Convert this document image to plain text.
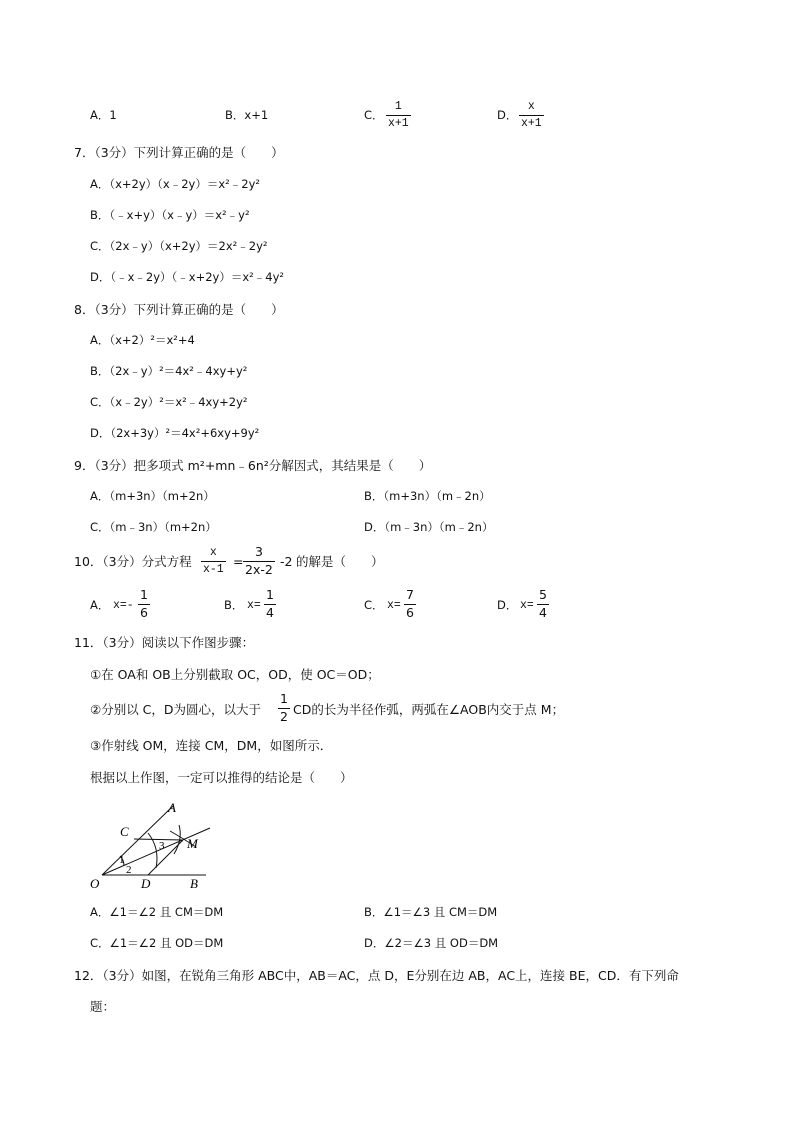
A．1	B．x+1	C． $\frac{1}{x+1}$	D． $\frac{x}{x+1}$
7．（3分）下列计算正确的是（　　）
A．（x+2y）（x﹣2y）＝x²﹣2y²
B．（﹣x+y）（x﹣y）＝x²﹣y²
C．（2x﹣y）（x+2y）＝2x²﹣2y²
D．（﹣x﹣2y）（﹣x+2y）＝x²﹣4y²
8．（3分）下列计算正确的是（　　）
A．（x+2）²＝x²+4
B．（2x﹣y）²＝4x²﹣4xy+y²
C．（x﹣2y）²＝x²﹣4xy+2y²
D．（2x+3y）²＝4x²+6xy+9y²
9．（3分）把多项式 m²+mn﹣6n²分解因式，其结果是（　　）
A．（m+3n）（m+2n）	B．（m+3n）（m﹣2n）
C．（m﹣3n）（m+2n）	D．（m﹣3n）（m﹣2n）
10．（3分）分式方程 $\frac{x}{x-1} = \frac{3}{2x-2} -2$ 的解是（　　）
A． $x=- \frac{1}{6}$	B． $x= \frac{1}{4}$	C． $x= \frac{7}{6}$	D． $x= \frac{5}{4}$
11．（3分）阅读以下作图步骤：
①在 OA和 OB上分别截取 OC，OD，使 OC＝OD；
②分别以 C，D为圆心，以大于 $\frac{1}{2}$ CD的长为半径作弧，两弧在∠AOB内交于点 M；
③作射线 OM，连接 CM，DM，如图所示．
根据以上作图，一定可以推得的结论是（　　）
A
C
M
O	D	B
1
2
3
A．∠1＝∠2 且 CM＝DM	B．∠1＝∠3 且 CM＝DM
C．∠1＝∠2 且 OD＝DM	D．∠2＝∠3 且 OD＝DM
12．（3分）如图，在锐角三角形 ABC中，AB＝AC，点 D，E分别在边 AB，AC上，连接 BE，CD．有下列命
题：
